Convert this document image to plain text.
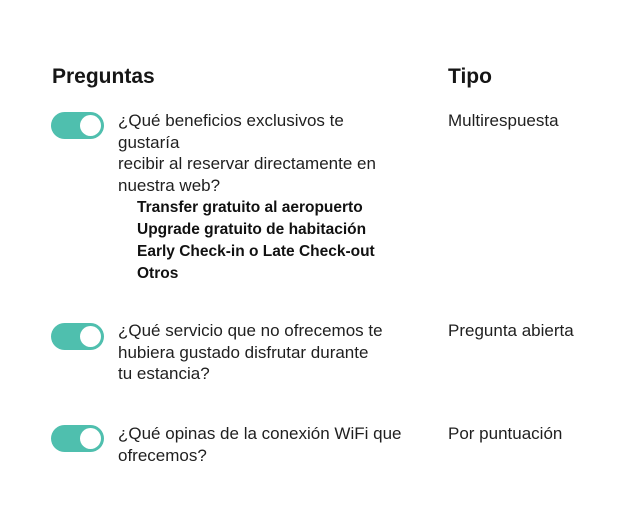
Preguntas	Tipo
¿Qué beneficios exclusivos te gustaría
recibir al reservar directamente en
nuestra web?
Multirespuesta
Transfer gratuito al aeropuerto
Upgrade gratuito de habitación
Early Check-in o Late Check-out
Otros
¿Qué servicio que no ofrecemos te
hubiera gustado disfrutar durante
tu estancia?
Pregunta abierta
¿Qué opinas de la conexión WiFi que
ofrecemos?
Por puntuación
